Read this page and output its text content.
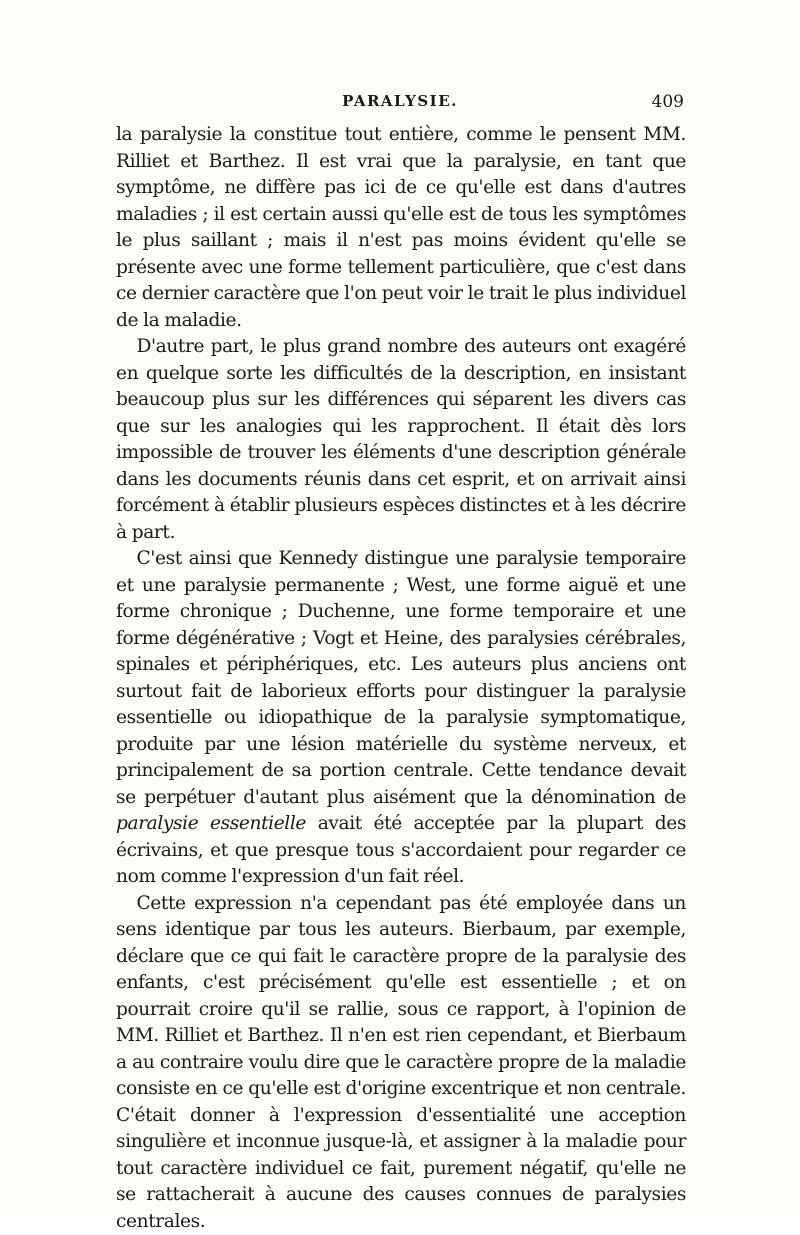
PARALYSIE.	409

la paralysie la constitue tout entière, comme le pensent MM. Rilliet et Barthez. Il est vrai que la paralysie, en tant que symptôme, ne diffère pas ici de ce qu'elle est dans d'autres maladies ; il est certain aussi qu'elle est de tous les symptômes le plus saillant ; mais il n'est pas moins évident qu'elle se présente avec une forme tellement particulière, que c'est dans ce dernier caractère que l'on peut voir le trait le plus individuel de la maladie.

D'autre part, le plus grand nombre des auteurs ont exagéré en quelque sorte les difficultés de la description, en insistant beaucoup plus sur les différences qui séparent les divers cas que sur les analogies qui les rapprochent. Il était dès lors impossible de trouver les éléments d'une description générale dans les documents réunis dans cet esprit, et on arrivait ainsi forcément à établir plusieurs espèces distinctes et à les décrire à part.

C'est ainsi que Kennedy distingue une paralysie temporaire et une paralysie permanente ; West, une forme aiguë et une forme chronique ; Duchenne, une forme temporaire et une forme dégénérative ; Vogt et Heine, des paralysies cérébrales, spinales et périphériques, etc. Les auteurs plus anciens ont surtout fait de laborieux efforts pour distinguer la paralysie essentielle ou idiopathique de la paralysie symptomatique, produite par une lésion matérielle du système nerveux, et principalement de sa portion centrale. Cette tendance devait se perpétuer d'autant plus aisément que la dénomination de paralysie essentielle avait été acceptée par la plupart des écrivains, et que presque tous s'accordaient pour regarder ce nom comme l'expression d'un fait réel.

Cette expression n'a cependant pas été employée dans un sens identique par tous les auteurs. Bierbaum, par exemple, déclare que ce qui fait le caractère propre de la paralysie des enfants, c'est précisément qu'elle est essentielle ; et on pourrait croire qu'il se rallie, sous ce rapport, à l'opinion de MM. Rilliet et Barthez. Il n'en est rien cependant, et Bierbaum a au contraire voulu dire que le caractère propre de la maladie consiste en ce qu'elle est d'origine excentrique et non centrale. C'était donner à l'expression d'essentialité une acception singulière et inconnue jusque-là, et assigner à la maladie pour tout caractère individuel ce fait, purement négatif, qu'elle ne se rattacherait à aucune des causes connues de paralysies centrales.
